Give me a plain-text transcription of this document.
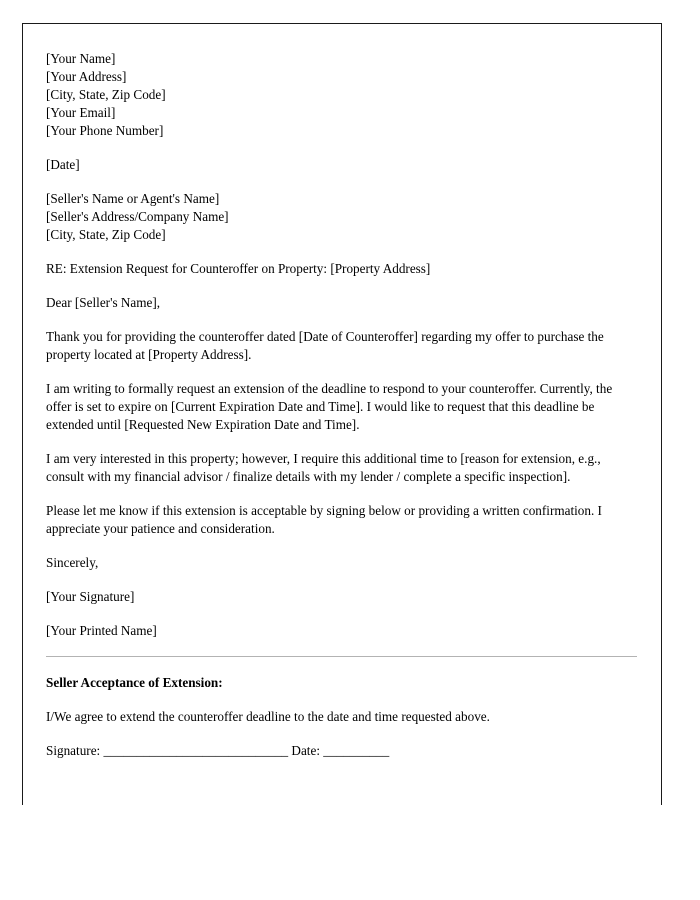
[Your Name]
[Your Address]
[City, State, Zip Code]
[Your Email]
[Your Phone Number]
[Date]
[Seller's Name or Agent's Name]
[Seller's Address/Company Name]
[City, State, Zip Code]

RE: Extension Request for Counteroffer on Property: [Property Address]

Dear [Seller's Name],

Thank you for providing the counteroffer dated [Date of Counteroffer] regarding my offer to purchase the property located at [Property Address].

I am writing to formally request an extension of the deadline to respond to your counteroffer. Currently, the offer is set to expire on [Current Expiration Date and Time]. I would like to request that this deadline be extended until [Requested New Expiration Date and Time].

I am very interested in this property; however, I require this additional time to [reason for extension, e.g., consult with my financial advisor / finalize details with my lender / complete a specific inspection].

Please let me know if this extension is acceptable by signing below or providing a written confirmation. I appreciate your patience and consideration.

Sincerely,

[Your Signature]

[Your Printed Name]

Seller Acceptance of Extension:

I/We agree to extend the counteroffer deadline to the date and time requested above.

Signature: ____________________________ Date: __________
